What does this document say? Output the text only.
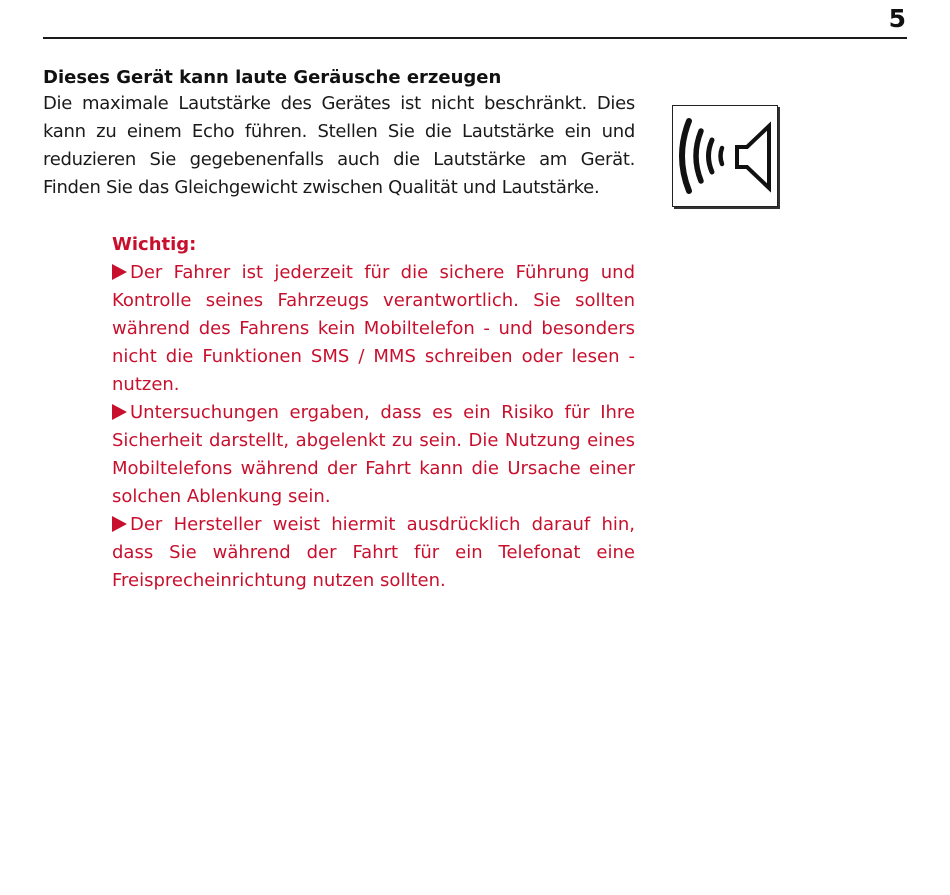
5

Dieses Gerät kann laute Geräusche erzeugen

Die maximale Lautstärke des Gerätes ist nicht beschränkt. Dies kann zu einem Echo führen. Stellen Sie die Lautstärke ein und reduzieren Sie gegebenenfalls auch die Lautstärke am Gerät. Finden Sie das Gleichgewicht zwischen Qualität und Lautstärke.

Wichtig:

Der Fahrer ist jederzeit für die sichere Führung und Kontrolle seines Fahrzeugs verantwortlich. Sie sollten während des Fahrens kein Mobiltelefon - und besonders nicht die Funktionen SMS / MMS schreiben oder lesen - nutzen.

Untersuchungen ergaben, dass es ein Risiko für Ihre Sicherheit darstellt, abgelenkt zu sein. Die Nutzung eines Mobiltelefons während der Fahrt kann die Ursache einer solchen Ablenkung sein.

Der Hersteller weist hiermit ausdrücklich darauf hin, dass Sie während der Fahrt für ein Telefonat eine Freisprecheinrichtung nutzen sollten.
